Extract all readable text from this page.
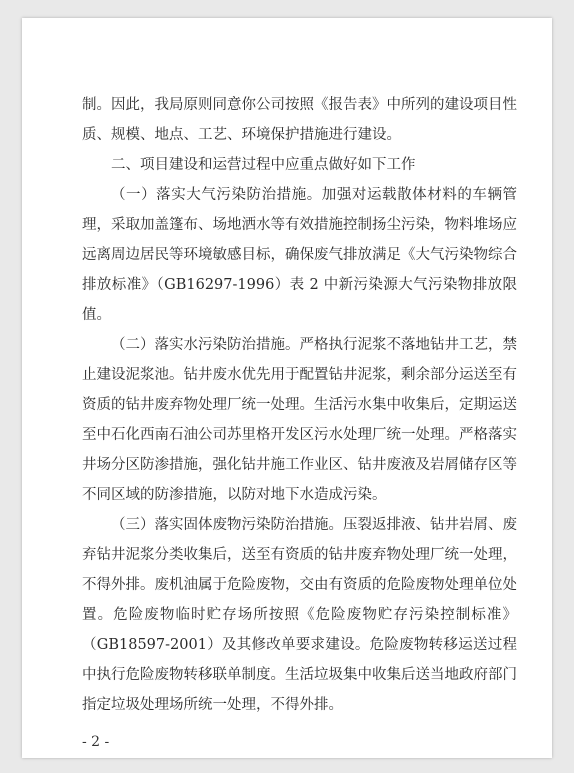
制。因此，我局原则同意你公司按照《报告表》中所列的建设项目性质、规模、地点、工艺、环境保护措施进行建设。

二、项目建设和运营过程中应重点做好如下工作

（一）落实大气污染防治措施。加强对运载散体材料的车辆管理，采取加盖篷布、场地洒水等有效措施控制扬尘污染，物料堆场应远离周边居民等环境敏感目标，确保废气排放满足《大气污染物综合排放标准》（GB16297-1996）表 2 中新污染源大气污染物排放限值。

（二）落实水污染防治措施。严格执行泥浆不落地钻井工艺，禁止建设泥浆池。钻井废水优先用于配置钻井泥浆，剩余部分运送至有资质的钻井废弃物处理厂统一处理。生活污水集中收集后，定期运送至中石化西南石油公司苏里格开发区污水处理厂统一处理。严格落实井场分区防渗措施，强化钻井施工作业区、钻井废液及岩屑储存区等不同区域的防渗措施，以防对地下水造成污染。

（三）落实固体废物污染防治措施。压裂返排液、钻井岩屑、废弃钻井泥浆分类收集后，送至有资质的钻井废弃物处理厂统一处理，不得外排。废机油属于危险废物，交由有资质的危险废物处理单位处置。危险废物临时贮存场所按照《危险废物贮存污染控制标准》（GB18597-2001）及其修改单要求建设。危险废物转移运送过程中执行危险废物转移联单制度。生活垃圾集中收集后送当地政府部门指定垃圾处理场所统一处理，不得外排。

- 2 -
